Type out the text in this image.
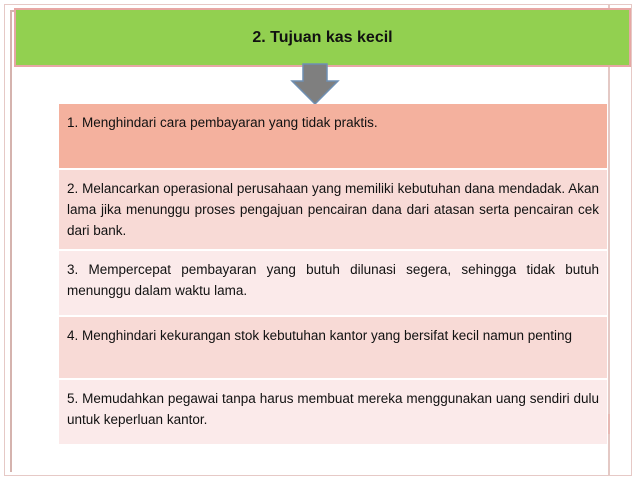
2. Tujuan kas kecil
1. Menghindari cara pembayaran yang tidak praktis.
2. Melancarkan operasional perusahaan yang memiliki kebutuhan dana mendadak. Akan lama jika menunggu proses pengajuan pencairan dana dari atasan serta pencairan cek dari bank.
3. Mempercepat pembayaran yang butuh dilunasi segera, sehingga tidak butuh menunggu dalam waktu lama.
4. Menghindari kekurangan stok kebutuhan kantor yang bersifat kecil namun penting
5. Memudahkan pegawai tanpa harus membuat mereka menggunakan uang sendiri dulu untuk keperluan kantor.
